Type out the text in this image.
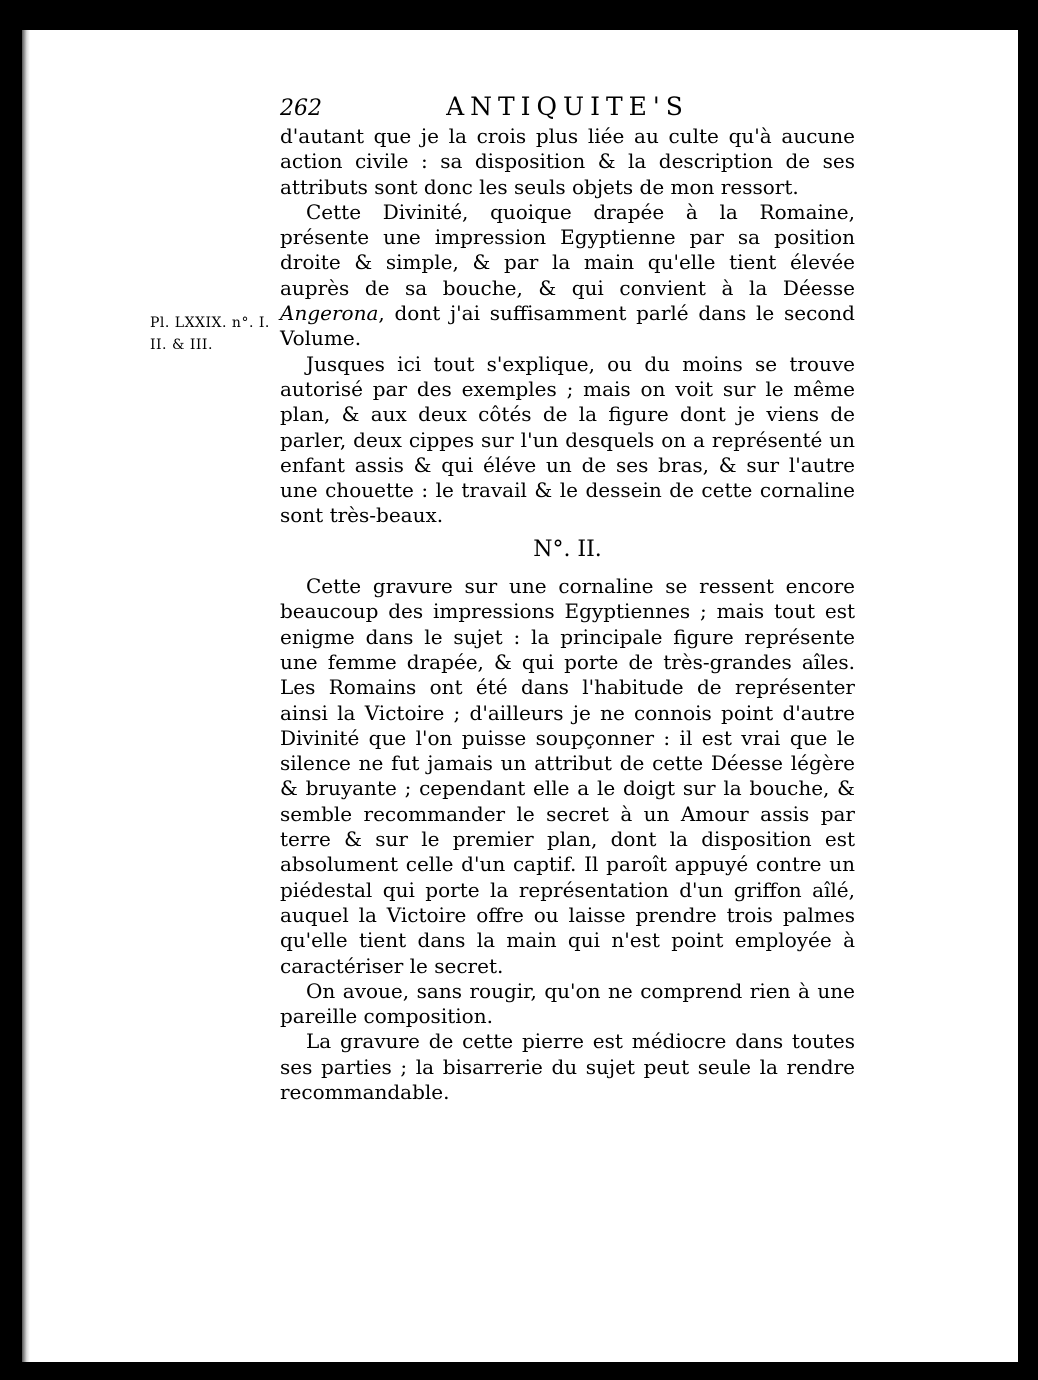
262	ANTIQUITE'S
Pl. LXXIX. n°. I.
II. & III.

d'autant que je la crois plus liée au culte qu'à aucune action civile : sa disposition & la description de ses attributs sont donc les seuls objets de mon ressort.

Cette Divinité, quoique drapée à la Romaine, présente une impression Egyptienne par sa position droite & simple, & par la main qu'elle tient élevée auprès de sa bouche, & qui convient à la Déesse Angerona, dont j'ai suffisamment parlé dans le second Volume.

Jusques ici tout s'explique, ou du moins se trouve autorisé par des exemples ; mais on voit sur le même plan, & aux deux côtés de la figure dont je viens de parler, deux cippes sur l'un desquels on a représenté un enfant assis & qui éléve un de ses bras, & sur l'autre une chouette : le travail & le dessein de cette cornaline sont très-beaux.

N°. II.

Cette gravure sur une cornaline se ressent encore beaucoup des impressions Egyptiennes ; mais tout est enigme dans le sujet : la principale figure représente une femme drapée, & qui porte de très-grandes aîles. Les Romains ont été dans l'habitude de représenter ainsi la Victoire ; d'ailleurs je ne connois point d'autre Divinité que l'on puisse soupçonner : il est vrai que le silence ne fut jamais un attribut de cette Déesse légère & bruyante ; cependant elle a le doigt sur la bouche, & semble recommander le secret à un Amour assis par terre & sur le premier plan, dont la disposition est absolument celle d'un captif. Il paroît appuyé contre un piédestal qui porte la représentation d'un griffon aîlé, auquel la Victoire offre ou laisse prendre trois palmes qu'elle tient dans la main qui n'est point employée à caractériser le secret.

On avoue, sans rougir, qu'on ne comprend rien à une pareille composition.

La gravure de cette pierre est médiocre dans toutes ses parties ; la bisarrerie du sujet peut seule la rendre recommandable.
